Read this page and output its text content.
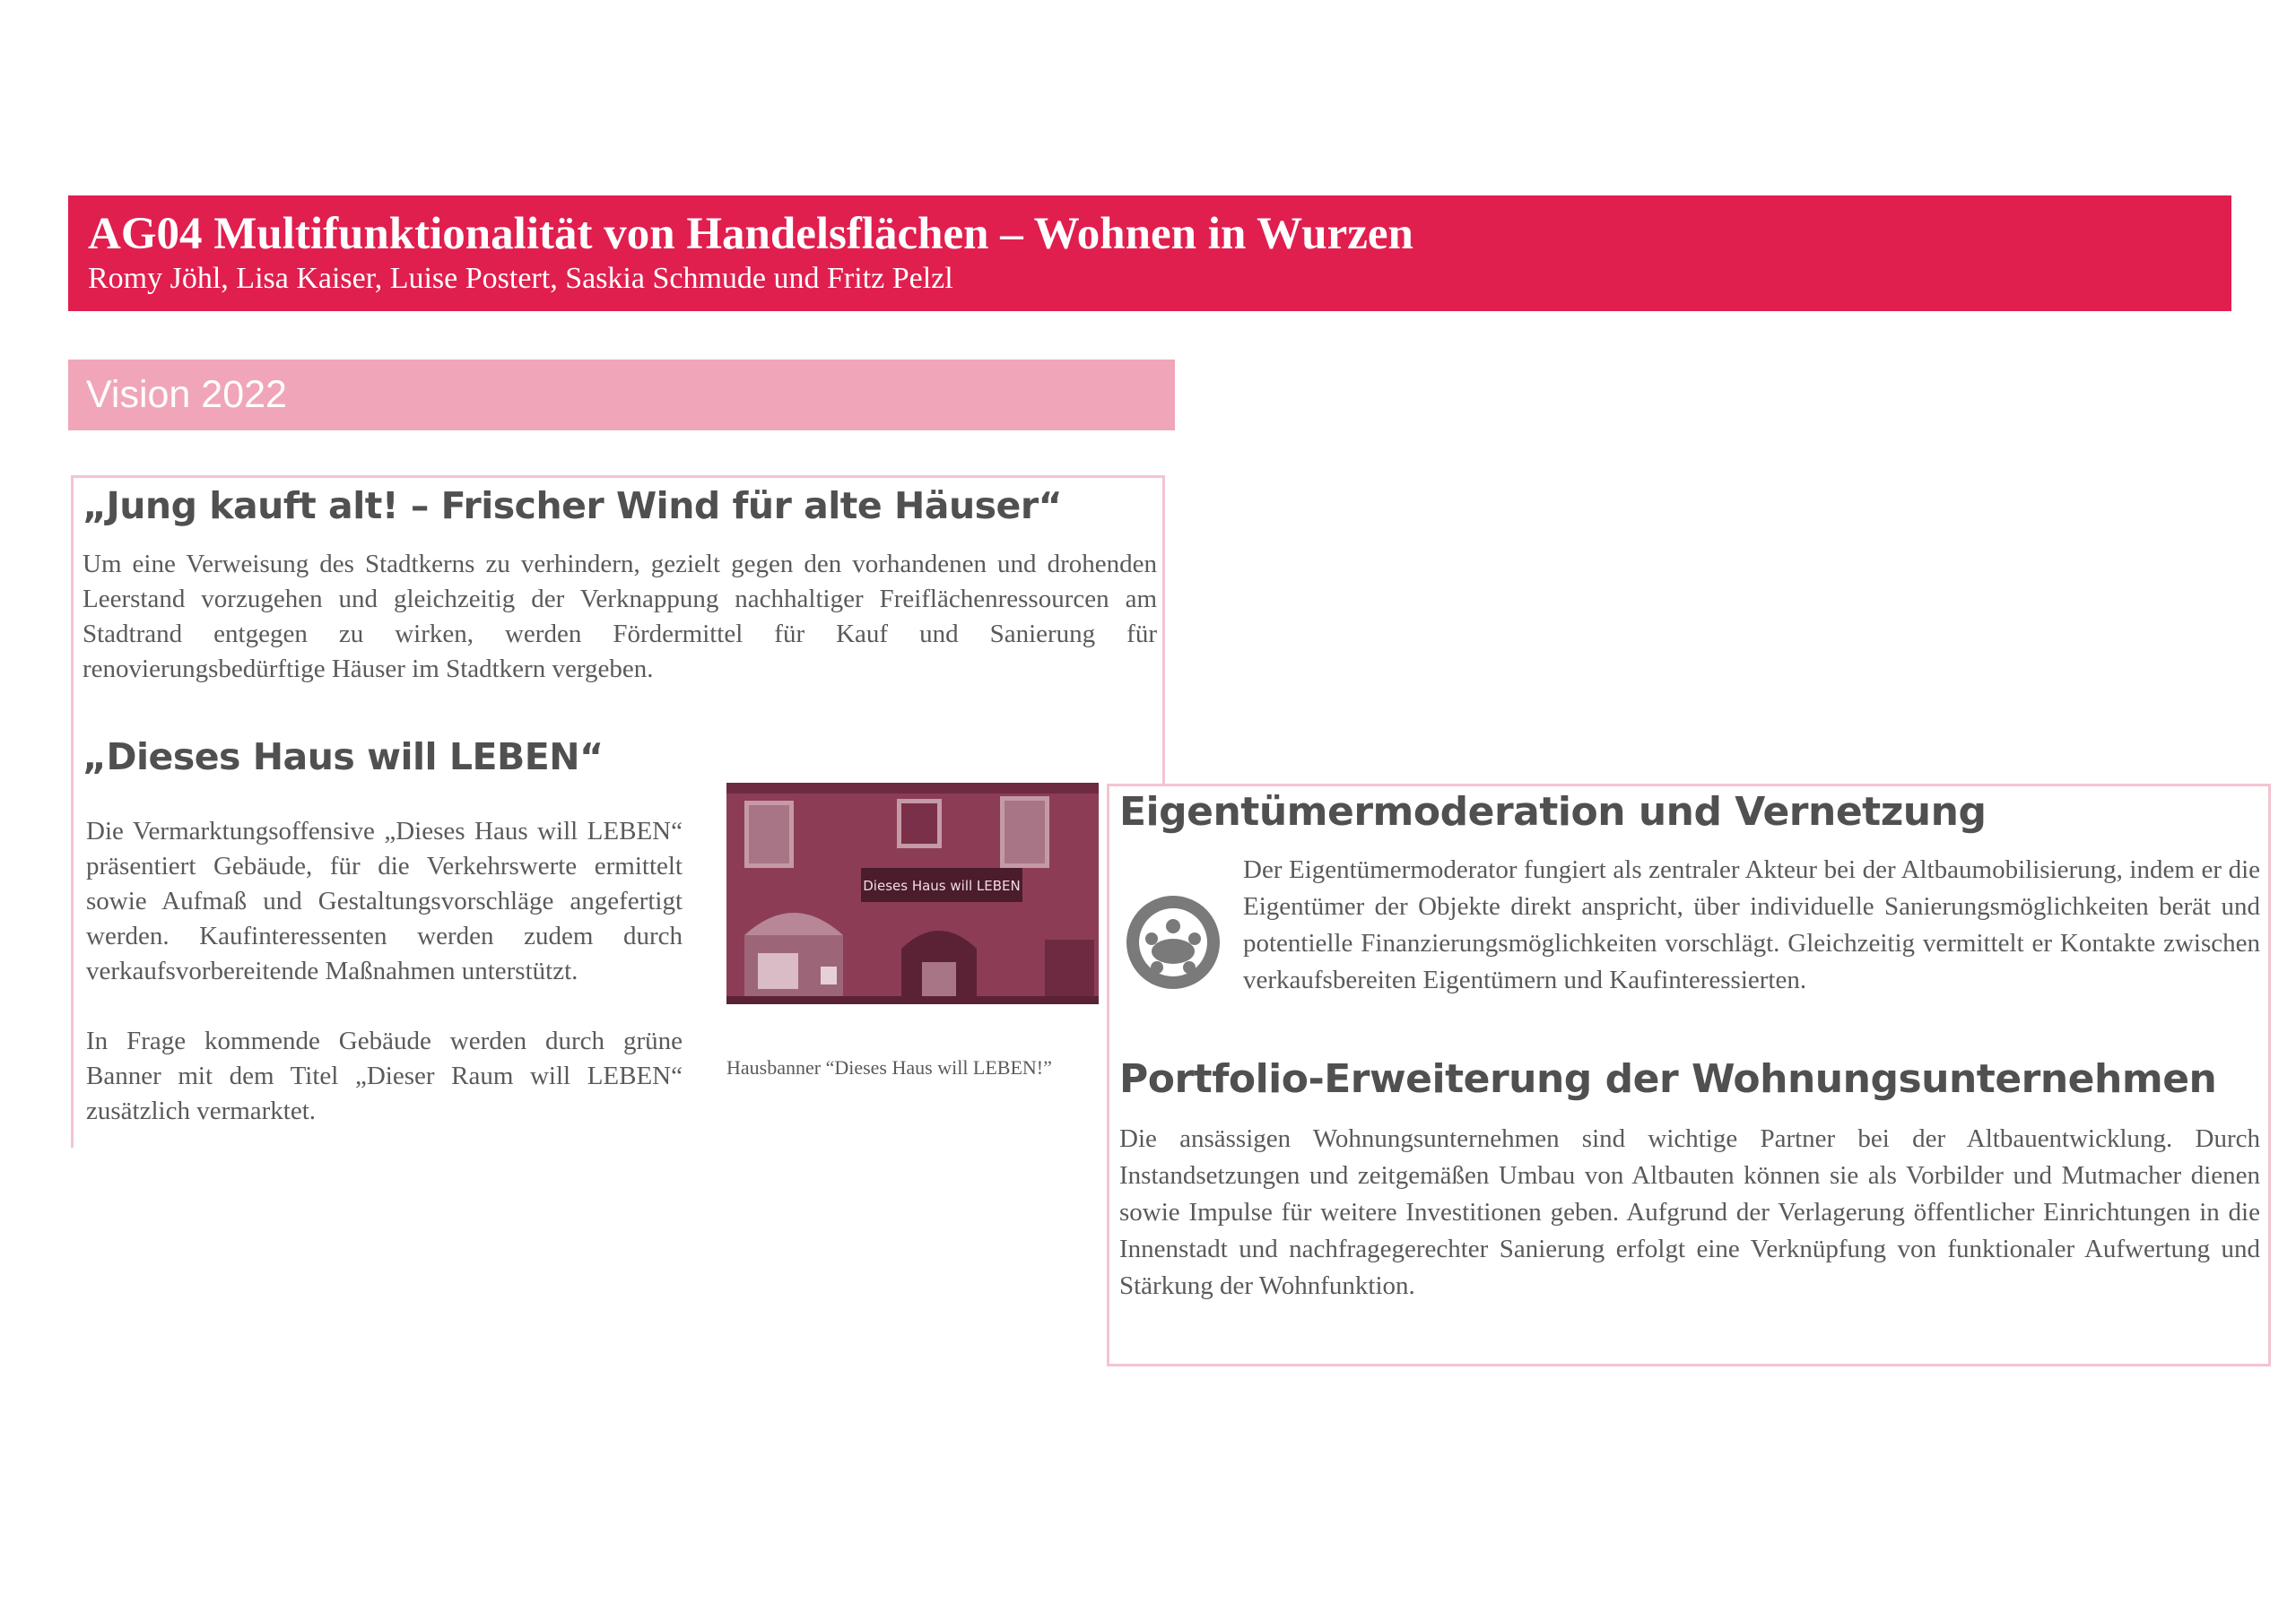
AG04 Multifunktionalität von Handelsflächen – Wohnen in Wurzen
Romy Jöhl, Lisa Kaiser, Luise Postert, Saskia Schmude und Fritz Pelzl
Vision 2022
„Jung kauft alt! – Frischer Wind für alte Häuser“
Um eine Verweisung des Stadtkerns zu verhindern, gezielt gegen den vorhandenen und drohenden Leerstand vorzugehen und gleichzeitig der Verknappung nachhaltiger Freiflächenressourcen am Stadtrand entgegen zu wirken, werden Fördermittel für Kauf und Sanierung für renovierungsbedürftige Häuser im Stadtkern vergeben.
„Dieses Haus will LEBEN“
Die Vermarktungsoffensive „Dieses Haus will LEBEN“ präsentiert Gebäude, für die Verkehrswerte ermittelt sowie Aufmaß und Gestaltungsvorschläge angefertigt werden. Kaufinteressenten werden zudem durch verkaufsvorbereitende Maßnahmen unterstützt.
In Frage kommende Gebäude werden durch grüne Banner mit dem Titel „Dieser Raum will LEBEN“ zusätzlich vermarktet.
Dieses Haus will LEBEN
Hausbanner “Dieses Haus will LEBEN!”
Eigentümermoderation und Vernetzung
Der Eigentümermoderator fungiert als zentraler Akteur bei der Altbaumobilisierung, indem er die Eigentümer der Objekte direkt anspricht, über individuelle Sanierungsmöglichkeiten berät und potentielle Finanzierungsmöglichkeiten vorschlägt. Gleichzeitig vermittelt er Kontakte zwischen verkaufsbereiten Eigentümern und Kaufinteressierten.
Portfolio-Erweiterung der Wohnungsunternehmen
Die ansässigen Wohnungsunternehmen sind wichtige Partner bei der Altbauentwicklung. Durch Instandsetzungen und zeitgemäßen Umbau von Altbauten können sie als Vorbilder und Mutmacher dienen sowie Impulse für weitere Investitionen geben. Aufgrund der Verlagerung öffentlicher Einrichtungen in die Innenstadt und nachfragegerechter Sanierung erfolgt eine Verknüpfung von funktionaler Aufwertung und Stärkung der Wohnfunktion.
